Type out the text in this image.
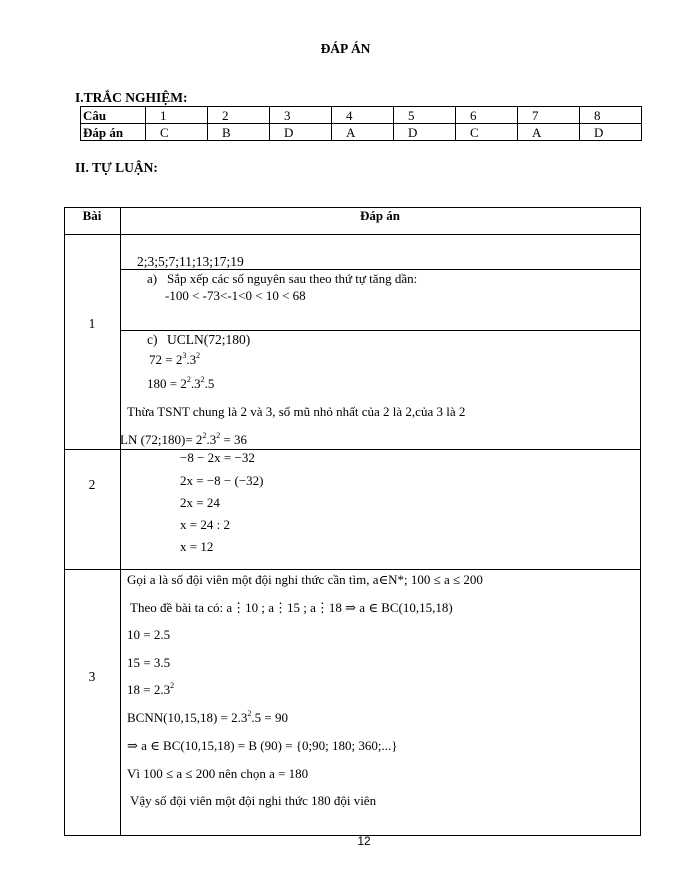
ĐÁP ÁN
I.TRẮC NGHIỆM:
Câu	1	2	3	4	5	6	7	8
Đáp án	C	B	D	A	D	C	A	D
II. TỰ LUẬN:
Bài	Đáp án
1
2;3;5;7;11;13;17;19
a) Sắp xếp các số nguyên sau theo thứ tự tăng dần:
-100 < -73<-1<0 < 10 < 68
c) UCLN(72;180)
$72 = 2^3.3^2$
$180 = 2^2.3^2.5$
Thừa TSNT chung là 2 và 3, số mũ nhỏ nhất của 2 là 2,của 3 là 2
LN (72;180)= $2^2.3^2 = 36$
2
−8 − 2x = −32
2x = −8 − (−32)
2x = 24
x = 24 : 2
x = 12
3
Gọi a là số đội viên một đội nghi thức cần tìm, a∈N*; 100 ≤ a ≤ 200
Theo đề bài ta có: a⋮10 ; a⋮15 ; a⋮18 ⇒ a ∈ BC(10,15,18)
10 = 2.5
15 = 3.5
$18 = 2.3^2$
BCNN(10,15,18) = $2.3^2.5 = 90$
⇒ a ∈ BC(10,15,18) = B (90) = {0;90; 180; 360;...}
Vì 100 ≤ a ≤ 200 nên chọn a = 180
Vậy số đội viên một đội nghi thức 180 đội viên
12
